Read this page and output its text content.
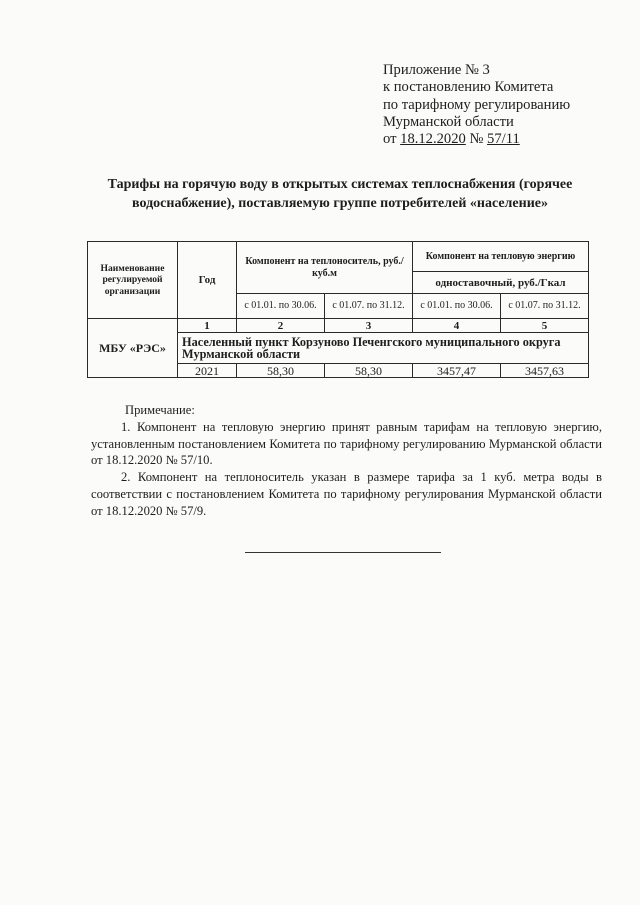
Приложение № 3
к постановлению Комитета
по тарифному регулированию
Мурманской области
от 18.12.2020 № 57/11
Тарифы на горячую воду в открытых системах теплоснабжения (горячее
водоснабжение), поставляемую группе потребителей «население»
Наименование регулируемой организации	Год	Компонент на теплоноситель, руб./куб.м		Компонент на тепловую энергию	
				одноставочный, руб./Гкал	
		с 01.01. по 30.06.	с 01.07. по 31.12.	с 01.01. по 30.06.	с 01.07. по 31.12.
МБУ «РЭС»	1	2	3	4	5
	Населенный пункт Корзуново Печенгского муниципального округа Мурманской области				
	2021	58,30	58,30	3457,47	3457,63

Примечание:

1. Компонент на тепловую энергию принят равным тарифам на тепловую энергию, установленным постановлением Комитета по тарифному регулированию Мурманской области от 18.12.2020 № 57/10.

2. Компонент на теплоноситель указан в размере тарифа за 1 куб. метра воды в соответствии с постановлением Комитета по тарифному регулирования Мурманской области от 18.12.2020 № 57/9.
